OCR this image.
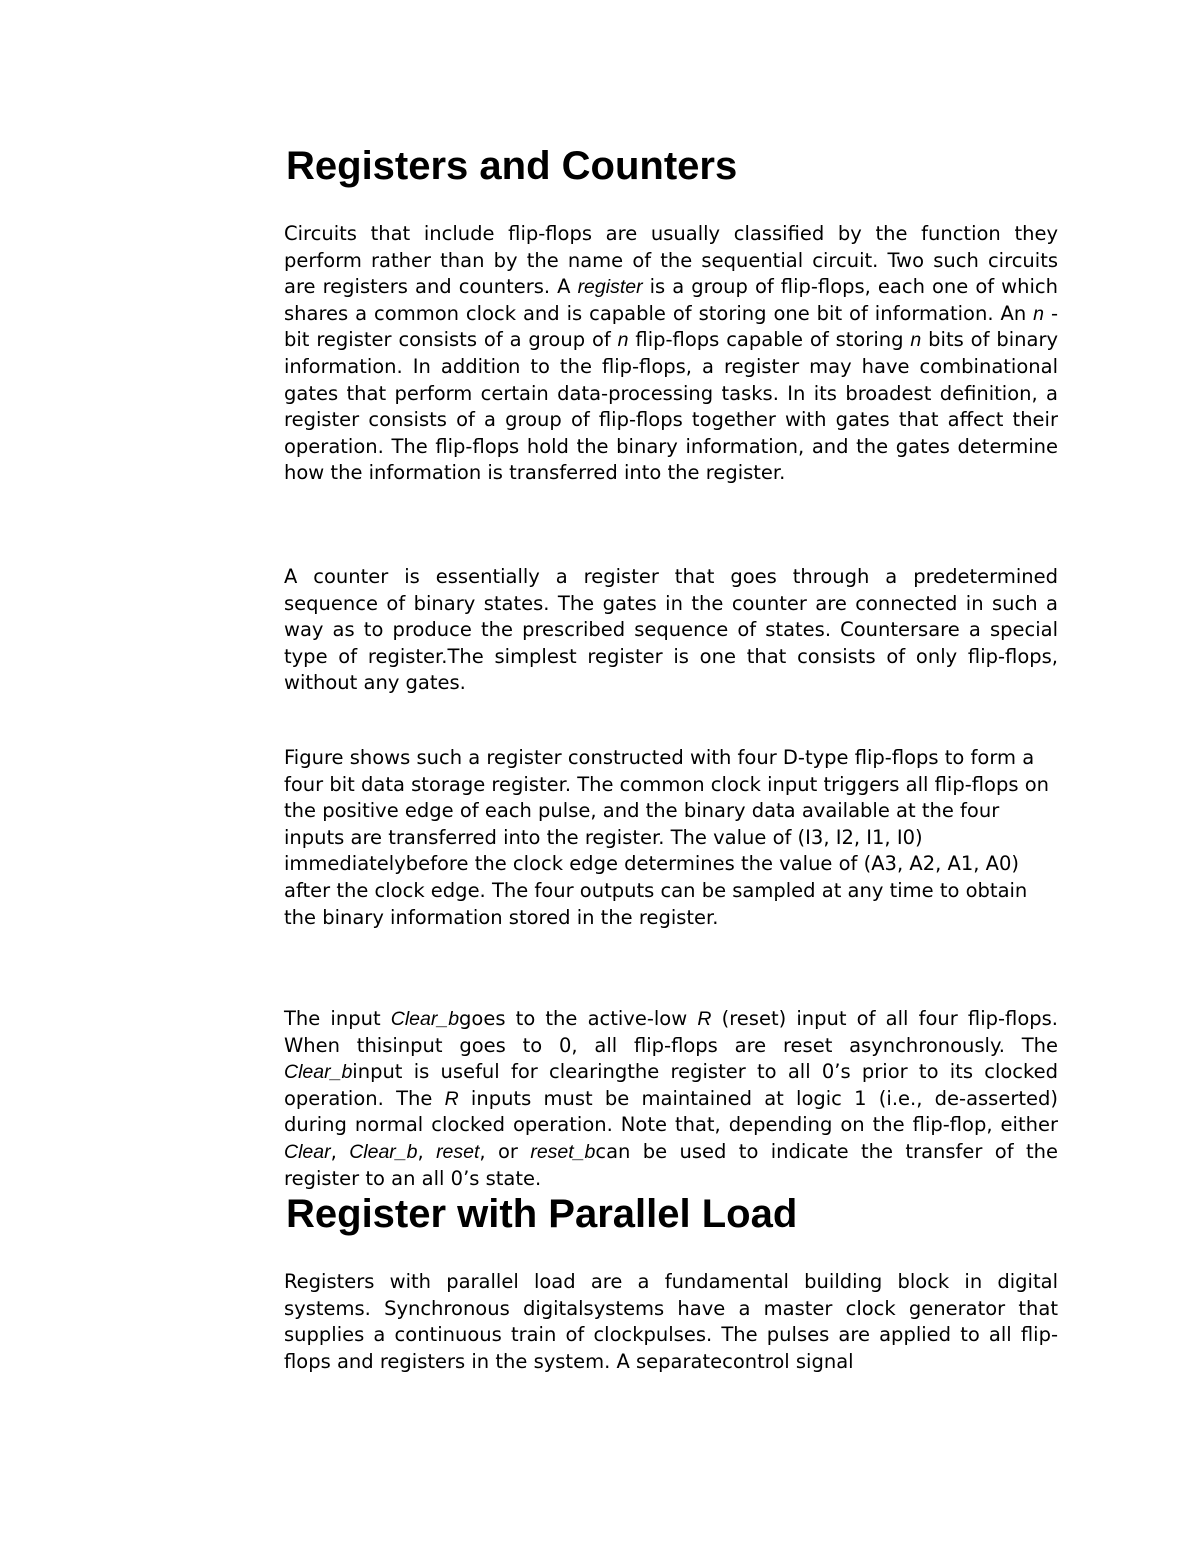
Registers and Counters

Circuits that include flip-flops are usually classified by the function they perform rather than by the name of the sequential circuit. Two such circuits are registers and counters. A register is a group of flip-flops, each one of which shares a common clock and is capable of storing one bit of information. An n -bit register consists of a group of n flip-flops capable of storing n bits of binary information. In addition to the flip-flops, a register may have combinational gates that perform certain data-processing tasks. In its broadest definition, a register consists of a group of flip-flops together with gates that affect their operation. The flip-flops hold the binary information, and the gates determine how the information is transferred into the register.

A counter is essentially a register that goes through a predetermined sequence of binary states. The gates in the counter are connected in such a way as to produce the prescribed sequence of states. Countersare a special type of register.The simplest register is one that consists of only flip-flops, without any gates.

Figure shows such a register constructed with four D-type flip-flops to form a four bit data storage register. The common clock input triggers all flip-flops on the positive edge of each pulse, and the binary data available at the four inputs are transferred into the register. The value of (I3, I2, I1, I0) immediatelybefore the clock edge determines the value of (A3, A2, A1, A0) after the clock edge. The four outputs can be sampled at any time to obtain the binary information stored in the register.

The input Clear_bgoes to the active-low R (reset) input of all four flip-flops. When thisinput goes to 0, all flip-flops are reset asynchronously. The Clear_binput is useful for clearingthe register to all 0’s prior to its clocked operation. The R inputs must be maintained at logic 1 (i.e., de-asserted) during normal clocked operation. Note that, depending on the flip-flop, either Clear, Clear_b, reset, or reset_bcan be used to indicate the transfer of the register to an all 0’s state.

Register with Parallel Load

Registers with parallel load are a fundamental building block in digital systems. Synchronous digitalsystems have a master clock generator that supplies a continuous train of clockpulses. The pulses are applied to all flip-flops and registers in the system. A separatecontrol signal
